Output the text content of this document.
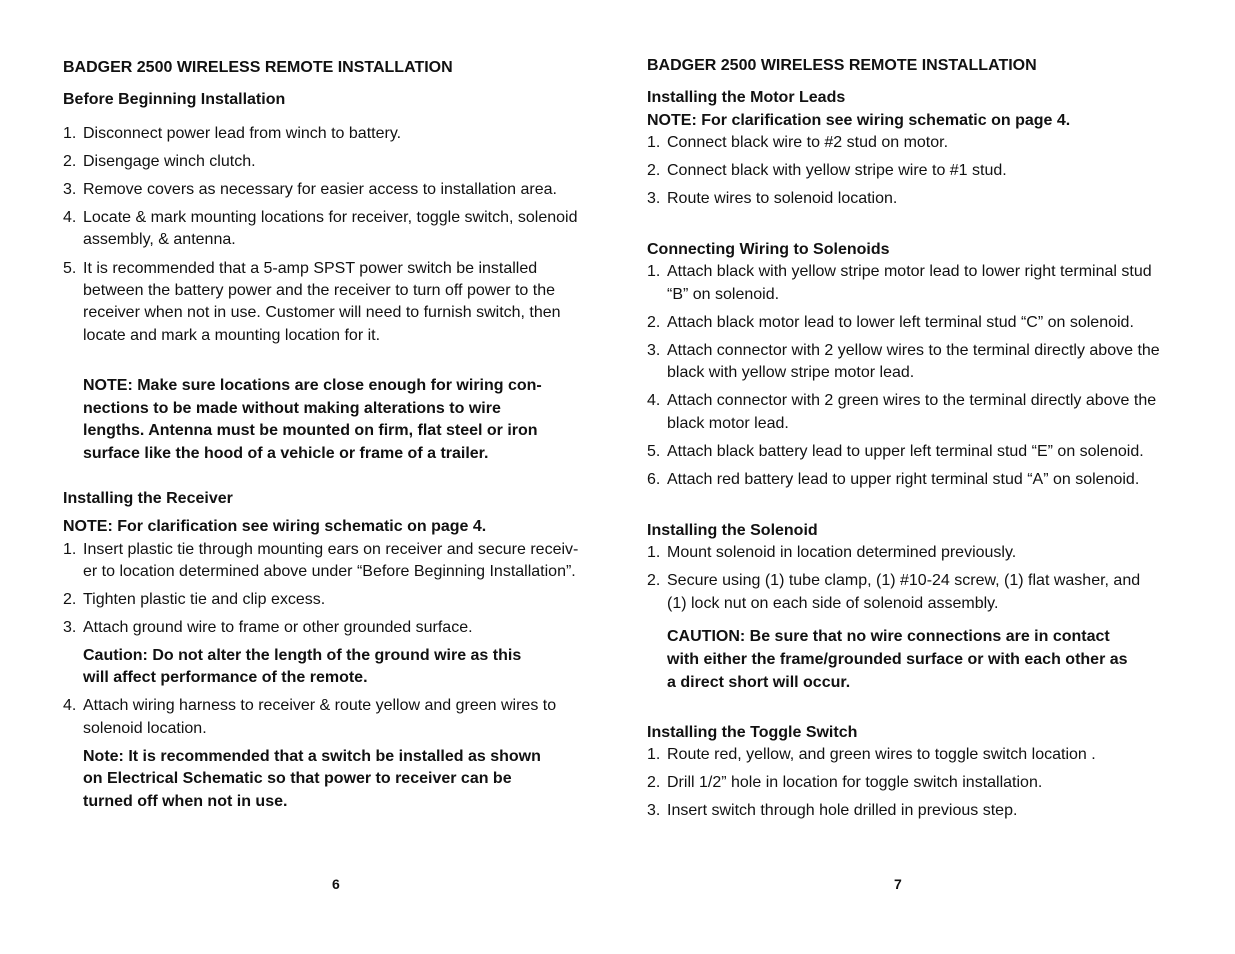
BADGER 2500 WIRELESS REMOTE INSTALLATION
Before Beginning Installation
1. Disconnect power lead from winch to battery.
2. Disengage winch clutch.
3. Remove covers as necessary for easier access to installation area.
4. Locate & mark mounting locations for receiver, toggle switch, solenoid
assembly, & antenna.
5. It is recommended that a 5-amp SPST power switch be installed
between the battery power and the receiver to turn off power to the
receiver when not in use. Customer will need to furnish switch, then
locate and mark a mounting location for it.
NOTE: Make sure locations are close enough for wiring con-
nections to be made without making alterations to wire
lengths. Antenna must be mounted on firm, flat steel or iron
surface like the hood of a vehicle or frame of a trailer.
Installing the Receiver
NOTE: For clarification see wiring schematic on page 4.
1. Insert plastic tie through mounting ears on receiver and secure receiv-
er to location determined above under “Before Beginning Installation”.
2. Tighten plastic tie and clip excess.
3. Attach ground wire to frame or other grounded surface.
Caution: Do not alter the length of the ground wire as this
will affect performance of the remote.
4. Attach wiring harness to receiver & route yellow and green wires to
solenoid location.
Note: It is recommended that a switch be installed as shown
on Electrical Schematic so that power to receiver can be
turned off when not in use.
6
BADGER 2500 WIRELESS REMOTE INSTALLATION
Installing the Motor Leads
NOTE: For clarification see wiring schematic on page 4.
1. Connect black wire to #2 stud on motor.
2. Connect black with yellow stripe wire to #1 stud.
3. Route wires to solenoid location.
Connecting Wiring to Solenoids
1. Attach black with yellow stripe motor lead to lower right terminal stud
“B” on solenoid.
2. Attach black motor lead to lower left terminal stud “C” on solenoid.
3. Attach connector with 2 yellow wires to the terminal directly above the
black with yellow stripe motor lead.
4. Attach connector with 2 green wires to the terminal directly above the
black motor lead.
5. Attach black battery lead to upper left terminal stud “E” on solenoid.
6. Attach red battery lead to upper right terminal stud “A” on solenoid.
Installing the Solenoid
1. Mount solenoid in location determined previously.
2. Secure using (1) tube clamp, (1) #10-24 screw, (1) flat washer, and
(1) lock nut on each side of solenoid assembly.
CAUTION: Be sure that no wire connections are in contact
with either the frame/grounded surface or with each other as
a direct short will occur.
Installing the Toggle Switch
1. Route red, yellow, and green wires to toggle switch location .
2. Drill 1/2” hole in location for toggle switch installation.
3. Insert switch through hole drilled in previous step.
7
